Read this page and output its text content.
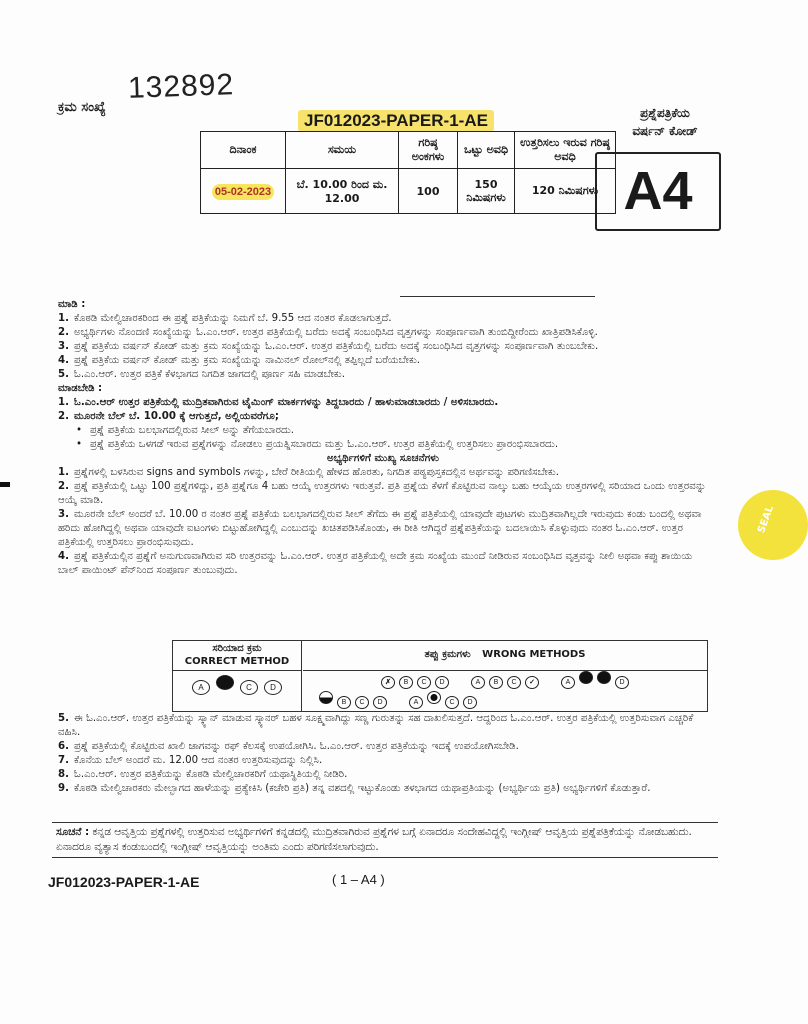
132892
ಕ್ರಮ ಸಂಖ್ಯೆ
JF012023-PAPER-1-AE	ಪ್ರಶ್ನೆಪತ್ರಿಕೆಯ
ವರ್ಷನ್ ಕೋಡ್
A4
ದಿನಾಂಕ	ಸಮಯ	ಗರಿಷ್ಠ ಅಂಕಗಳು	ಒಟ್ಟು ಅವಧಿ	ಉತ್ತರಿಸಲು ಇರುವ ಗರಿಷ್ಠ ಅವಧಿ
05-02-2023	ಬೆ. 10.00 ರಿಂದ ಮ. 12.00	100	150 ನಿಮಿಷಗಳು	120 ನಿಮಿಷಗಳು

ಮಾಡಿ :

1. ಕೊಠಡಿ ಮೇಲ್ವಿಚಾರಕರಿಂದ ಈ ಪ್ರಶ್ನೆ ಪತ್ರಿಕೆಯನ್ನು ನಿಮಗೆ ಬೆ. 9.55 ಆದ ನಂತರ ಕೊಡಲಾಗುತ್ತದೆ.

2. ಅಭ್ಯರ್ಥಿಗಳು ನೊಂದಣಿ ಸಂಖ್ಯೆಯನ್ನು ಓ.ಎಂ.ಆರ್. ಉತ್ತರ ಪತ್ರಿಕೆಯಲ್ಲಿ ಬರೆದು ಅದಕ್ಕೆ ಸಂಬಂಧಿಸಿದ ವೃತ್ತಗಳನ್ನು ಸಂಪೂರ್ಣವಾಗಿ ತುಂಬಿದ್ದೀರೆಂದು ಖಾತ್ರಿಪಡಿಸಿಕೊಳ್ಳಿ.

3. ಪ್ರಶ್ನೆ ಪತ್ರಿಕೆಯ ವರ್ಷನ್ ಕೋಡ್ ಮತ್ತು ಕ್ರಮ ಸಂಖ್ಯೆಯನ್ನು ಓ.ಎಂ.ಆರ್. ಉತ್ತರ ಪತ್ರಿಕೆಯಲ್ಲಿ ಬರೆದು ಅದಕ್ಕೆ ಸಂಬಂಧಿಸಿದ ವೃತ್ತಗಳನ್ನು ಸಂಪೂರ್ಣವಾಗಿ ತುಂಬಬೇಕು.

4. ಪ್ರಶ್ನೆ ಪತ್ರಿಕೆಯ ವರ್ಷನ್ ಕೋಡ್ ಮತ್ತು ಕ್ರಮ ಸಂಖ್ಯೆಯನ್ನು ನಾಮಿನಲ್ ರೋಲ್‌ನಲ್ಲಿ ತಪ್ಪಿಲ್ಲದೆ ಬರೆಯಬೇಕು.

5. ಓ.ಎಂ.ಆರ್. ಉತ್ತರ ಪತ್ರಿಕೆ ಕೆಳಭಾಗದ ನಿಗದಿತ ಜಾಗದಲ್ಲಿ ಪೂರ್ಣ ಸಹಿ ಮಾಡಬೇಕು.

ಮಾಡಬೇಡಿ :

1. ಓ.ಎಂ.ಆರ್ ಉತ್ತರ ಪತ್ರಿಕೆಯಲ್ಲಿ ಮುದ್ರಿತವಾಗಿರುವ ಟೈಮಿಂಗ್ ಮಾರ್ಕಗಳನ್ನು ತಿದ್ದಬಾರದು / ಹಾಳುಮಾಡಬಾರದು / ಅಳಿಸಬಾರದು.

2. ಮೂರನೇ ಬೆಲ್ ಬೆ. 10.00 ಕ್ಕೆ ಆಗುತ್ತದೆ, ಅಲ್ಲಿಯವರೆಗೂ;

• ಪ್ರಶ್ನೆ ಪತ್ರಿಕೆಯ ಬಲಭಾಗದಲ್ಲಿರುವ ಸೀಲ್ ಅನ್ನು ತೆಗೆಯಬಾರದು.

• ಪ್ರಶ್ನೆ ಪತ್ರಿಕೆಯ ಒಳಗಡೆ ಇರುವ ಪ್ರಶ್ನೆಗಳನ್ನು ನೋಡಲು ಪ್ರಯತ್ನಿಸಬಾರದು ಮತ್ತು ಓ.ಎಂ.ಆರ್. ಉತ್ತರ ಪತ್ರಿಕೆಯಲ್ಲಿ ಉತ್ತರಿಸಲು ಪ್ರಾರಂಭಿಸಬಾರದು.

ಅಭ್ಯರ್ಥಿಗಳಿಗೆ ಮುಖ್ಯ ಸೂಚನೆಗಳು

1. ಪ್ರಶ್ನೆಗಳಲ್ಲಿ ಬಳಸಿರುವ signs and symbols ಗಳನ್ನು, ಬೇರೆ ರೀತಿಯಲ್ಲಿ ಹೇಳದ ಹೊರತು, ನಿಗದಿತ ಪಠ್ಯಪುಸ್ತಕದಲ್ಲಿನ ಅರ್ಥವನ್ನು ಪರಿಗಣಿಸಬೇಕು.

2. ಪ್ರಶ್ನೆ ಪತ್ರಿಕೆಯಲ್ಲಿ ಒಟ್ಟು 100 ಪ್ರಶ್ನೆಗಳಿದ್ದು, ಪ್ರತಿ ಪ್ರಶ್ನೆಗೂ 4 ಬಹು ಆಯ್ಕೆ ಉತ್ತರಗಳು ಇರುತ್ತವೆ. ಪ್ರತಿ ಪ್ರಶ್ನೆಯ ಕೆಳಗೆ ಕೊಟ್ಟಿರುವ ನಾಲ್ಕು ಬಹು ಆಯ್ಕೆಯ ಉತ್ತರಗಳಲ್ಲಿ ಸರಿಯಾದ ಒಂದು ಉತ್ತರವನ್ನು ಆಯ್ಕೆ ಮಾಡಿ.

3. ಮೂರನೇ ಬೆಲ್ ಅಂದರೆ ಬೆ. 10.00 ರ ನಂತರ ಪ್ರಶ್ನೆ ಪತ್ರಿಕೆಯ ಬಲಭಾಗದಲ್ಲಿರುವ ಸೀಲ್ ತೆಗೆದು ಈ ಪ್ರಶ್ನೆ ಪತ್ರಿಕೆಯಲ್ಲಿ ಯಾವುದೇ ಪುಟಗಳು ಮುದ್ರಿತವಾಗಿಲ್ಲದೇ ಇರುವುದು ಕಂಡು ಬಂದಲ್ಲಿ ಅಥವಾ ಹರಿದು ಹೋಗಿದ್ದಲ್ಲಿ ಅಥವಾ ಯಾವುದೇ ಐಟಂಗಳು ಬಿಟ್ಟುಹೋಗಿದ್ದಲ್ಲಿ ಎಂಬುದನ್ನು ಖಚಿತಪಡಿಸಿಕೊಂಡು, ಈ ರೀತಿ ಆಗಿದ್ದರೆ ಪ್ರಶ್ನೆಪತ್ರಿಕೆಯನ್ನು ಬದಲಾಯಿಸಿ ಕೊಳ್ಳುವುದು ನಂತರ ಓ.ಎಂ.ಆರ್. ಉತ್ತರ ಪತ್ರಿಕೆಯಲ್ಲಿ ಉತ್ತರಿಸಲು ಪ್ರಾರಂಭಿಸುವುದು.

4. ಪ್ರಶ್ನೆ ಪತ್ರಿಕೆಯಲ್ಲಿನ ಪ್ರಶ್ನೆಗೆ ಅನುಗುಣವಾಗಿರುವ ಸರಿ ಉತ್ತರವನ್ನು ಓ.ಎಂ.ಆರ್. ಉತ್ತರ ಪತ್ರಿಕೆಯಲ್ಲಿ ಅದೇ ಕ್ರಮ ಸಂಖ್ಯೆಯ ಮುಂದೆ ನೀಡಿರುವ ಸಂಬಂಧಿಸಿದ ವೃತ್ತವನ್ನು ನೀಲಿ ಅಥವಾ ಕಪ್ಪು ಶಾಯಿಯ ಬಾಲ್ ಪಾಯಿಂಟ್ ಪೆನ್‌ನಿಂದ ಸಂಪೂರ್ಣ ತುಂಬುವುದು.

ಸರಿಯಾದ ಕ್ರಮ
CORRECT METHOD
A	C D
ತಪ್ಪು ಕ್ರಮಗಳು WRONG METHODS
✗ B C D	A B C ✓	A	D
B C D	A	C D

5. ಈ ಓ.ಎಂ.ಆರ್. ಉತ್ತರ ಪತ್ರಿಕೆಯನ್ನು ಸ್ಕ್ಯಾನ್ ಮಾಡುವ ಸ್ಕ್ಯಾನರ್ ಬಹಳ ಸೂಕ್ಷ್ಮವಾಗಿದ್ದು ಸಣ್ಣ ಗುರುತನ್ನು ಸಹ ದಾಖಲಿಸುತ್ತದೆ. ಆದ್ದರಿಂದ ಓ.ಎಂ.ಆರ್. ಉತ್ತರ ಪತ್ರಿಕೆಯಲ್ಲಿ ಉತ್ತರಿಸುವಾಗ ಎಚ್ಚರಿಕೆ ವಹಿಸಿ.

6. ಪ್ರಶ್ನೆ ಪತ್ರಿಕೆಯಲ್ಲಿ ಕೊಟ್ಟಿರುವ ಖಾಲಿ ಜಾಗವನ್ನು ರಫ್ ಕೆಲಸಕ್ಕೆ ಉಪಯೋಗಿಸಿ. ಓ.ಎಂ.ಆರ್. ಉತ್ತರ ಪತ್ರಿಕೆಯನ್ನು ಇದಕ್ಕೆ ಉಪಯೋಗಿಸಬೇಡಿ.

7. ಕೊನೆಯ ಬೆಲ್ ಅಂದರೆ ಮ. 12.00 ಆದ ನಂತರ ಉತ್ತರಿಸುವುದನ್ನು ನಿಲ್ಲಿಸಿ.

8. ಓ.ಎಂ.ಆರ್. ಉತ್ತರ ಪತ್ರಿಕೆಯನ್ನು ಕೊಠಡಿ ಮೇಲ್ವಿಚಾರಕರಿಗೆ ಯಥಾಸ್ಥಿತಿಯಲ್ಲಿ ನೀಡಿರಿ.

9. ಕೊಠಡಿ ಮೇಲ್ವಿಚಾರಕರು ಮೇಲ್ಭಾಗದ ಹಾಳೆಯನ್ನು ಪ್ರತ್ಯೇಕಿಸಿ (ಕಚೇರಿ ಪ್ರತಿ) ತನ್ನ ವಶದಲ್ಲಿ ಇಟ್ಟುಕೊಂಡು ತಳಭಾಗದ ಯಥಾಪ್ರತಿಯನ್ನು (ಅಭ್ಯರ್ಥಿಯ ಪ್ರತಿ) ಅಭ್ಯರ್ಥಿಗಳಿಗೆ ಕೊಡುತ್ತಾರೆ.

ಸೂಚನೆ : ಕನ್ನಡ ಆವೃತ್ತಿಯ ಪ್ರಶ್ನೆಗಳಲ್ಲಿ ಉತ್ತರಿಸುವ ಅಭ್ಯರ್ಥಿಗಳಿಗೆ ಕನ್ನಡದಲ್ಲಿ ಮುದ್ರಿತವಾಗಿರುವ ಪ್ರಶ್ನೆಗಳ ಬಗ್ಗೆ ಏನಾದರೂ ಸಂದೇಹವಿದ್ದಲ್ಲಿ ಇಂಗ್ಲೀಷ್ ಆವೃತ್ತಿಯ ಪ್ರಶ್ನೆಪತ್ರಿಕೆಯನ್ನು ನೋಡಬಹುದು. ಏನಾದರೂ ವ್ಯತ್ಯಾಸ ಕಂಡುಬಂದಲ್ಲಿ ಇಂಗ್ಲೀಷ್ ಆವೃತ್ತಿಯನ್ನು ಅಂತಿಮ ಎಂದು ಪರಿಗಣಿಸಲಾಗುವುದು.
JF012023-PAPER-1-AE	( 1 – A4 )
SEAL
